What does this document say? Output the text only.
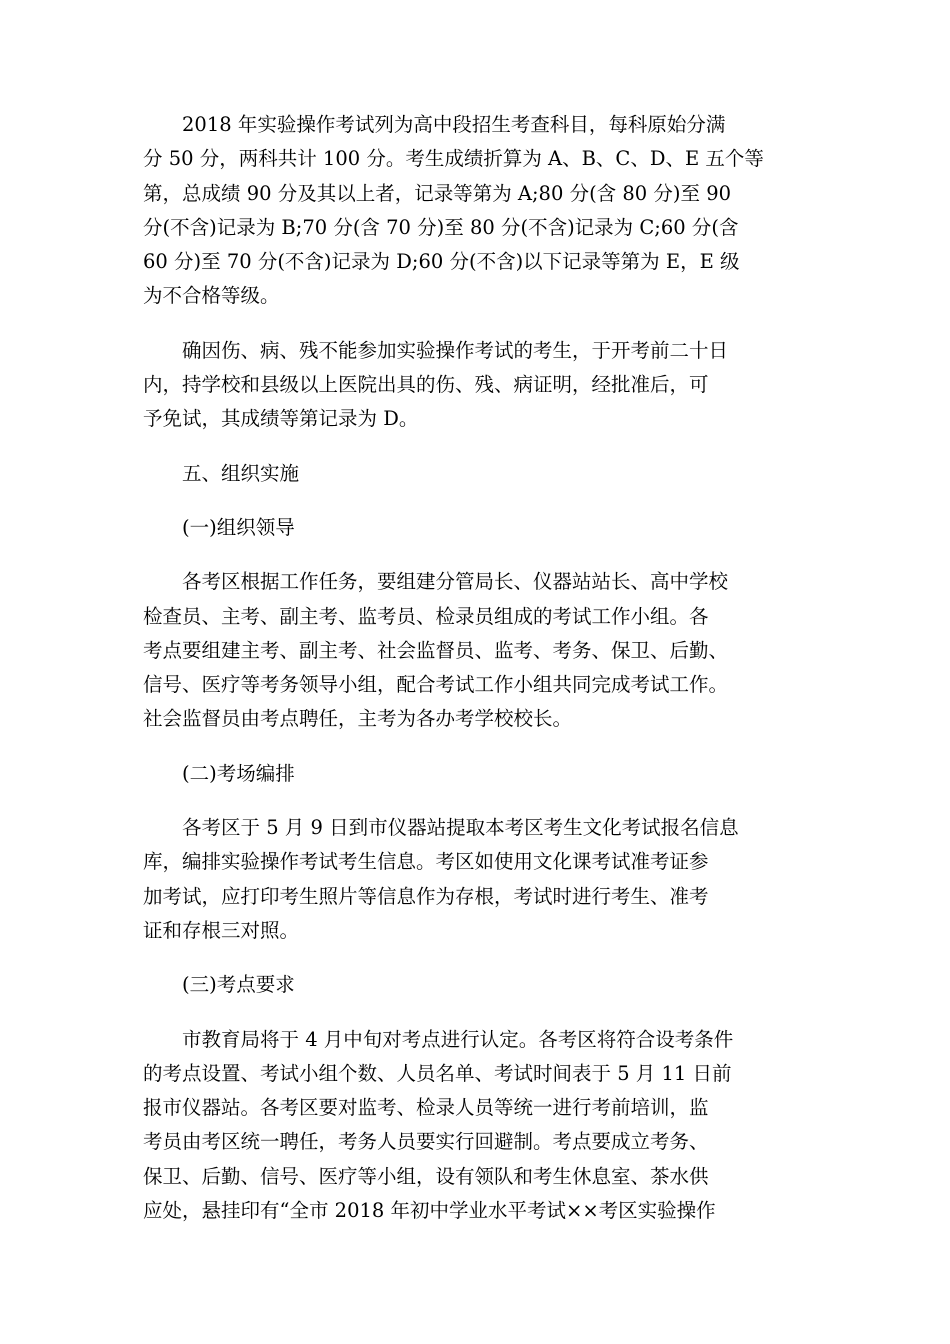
2018 年实验操作考试列为高中段招生考查科目，每科原始分满
分 50 分，两科共计 100 分。考生成绩折算为 A、B、C、D、E 五个等
第，总成绩 90 分及其以上者，记录等第为 A;80 分(含 80 分)至 90
分(不含)记录为 B;70 分(含 70 分)至 80 分(不含)记录为 C;60 分(含
60 分)至 70 分(不含)记录为 D;60 分(不含)以下记录等第为 E，E 级
为不合格等级。
确因伤、病、残不能参加实验操作考试的考生，于开考前二十日
内，持学校和县级以上医院出具的伤、残、病证明，经批准后，可
予免试，其成绩等第记录为 D。
五、组织实施
(一)组织领导
各考区根据工作任务，要组建分管局长、仪器站站长、高中学校
检查员、主考、副主考、监考员、检录员组成的考试工作小组。各
考点要组建主考、副主考、社会监督员、监考、考务、保卫、后勤、
信号、医疗等考务领导小组，配合考试工作小组共同完成考试工作。
社会监督员由考点聘任，主考为各办考学校校长。
(二)考场编排
各考区于 5 月 9 日到市仪器站提取本考区考生文化考试报名信息
库，编排实验操作考试考生信息。考区如使用文化课考试准考证参
加考试，应打印考生照片等信息作为存根，考试时进行考生、准考
证和存根三对照。
(三)考点要求
市教育局将于 4 月中旬对考点进行认定。各考区将符合设考条件
的考点设置、考试小组个数、人员名单、考试时间表于 5 月 11 日前
报市仪器站。各考区要对监考、检录人员等统一进行考前培训，监
考员由考区统一聘任，考务人员要实行回避制。考点要成立考务、
保卫、后勤、信号、医疗等小组，设有领队和考生休息室、茶水供
应处，悬挂印有“全市 2018 年初中学业水平考试××考区实验操作
